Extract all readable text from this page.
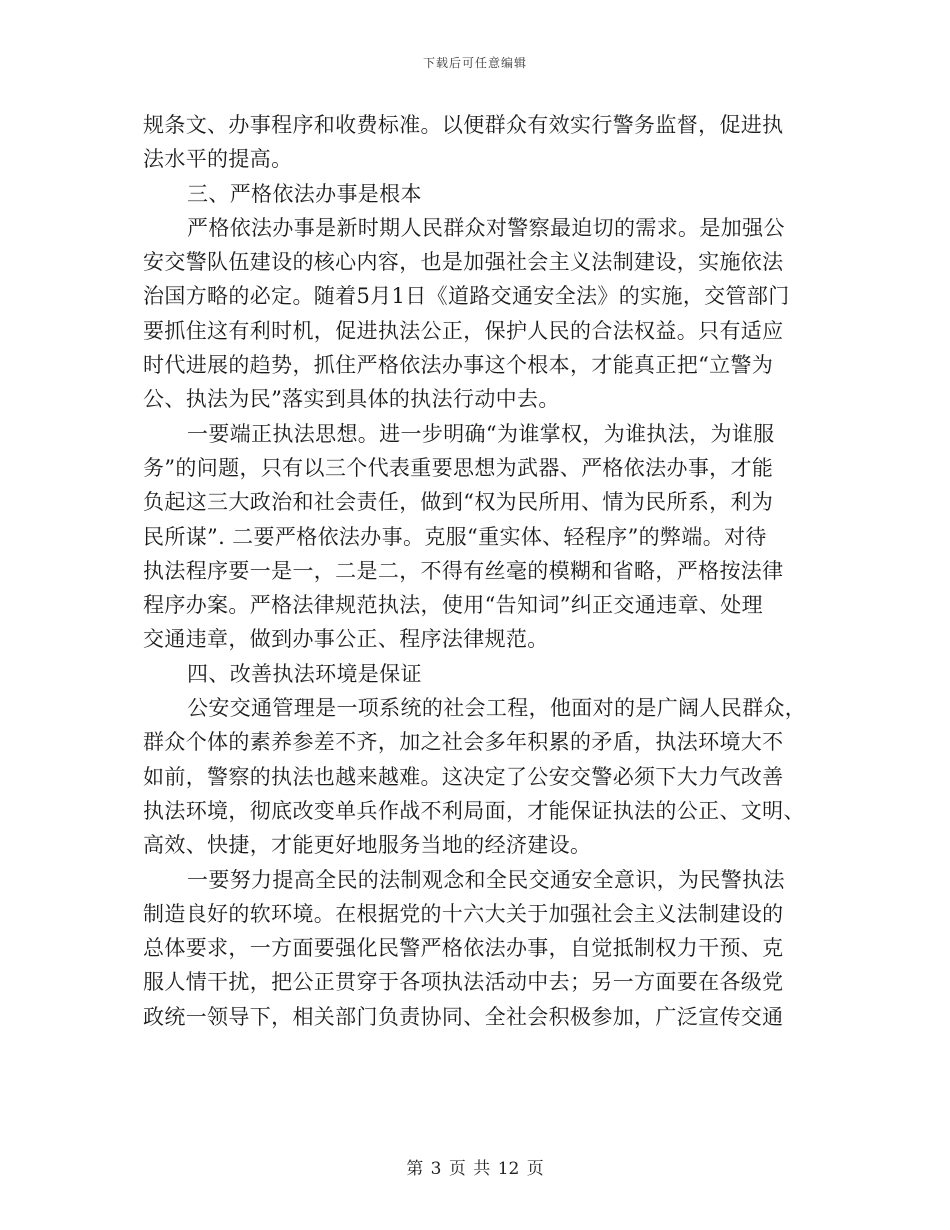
下载后可任意编辑
规条文、办事程序和收费标准。以便群众有效实行警务监督，促进执
法水平的提高。
三、严格依法办事是根本
严格依法办事是新时期人民群众对警察最迫切的需求。是加强公
安交警队伍建设的核心内容，也是加强社会主义法制建设，实施依法
治国方略的必定。随着5月1日《道路交通安全法》的实施，交管部门
要抓住这有利时机，促进执法公正，保护人民的合法权益。只有适应
时代进展的趋势，抓住严格依法办事这个根本，才能真正把“立警为
公、执法为民”落实到具体的执法行动中去。
一要端正执法思想。进一步明确“为谁掌权，为谁执法，为谁服
务”的问题，只有以三个代表重要思想为武器、严格依法办事，才能
负起这三大政治和社会责任，做到“权为民所用、情为民所系，利为
民所谋”. 二要严格依法办事。克服“重实体、轻程序”的弊端。对待
执法程序要一是一，二是二，不得有丝毫的模糊和省略，严格按法律
程序办案。严格法律规范执法，使用“告知词”纠正交通违章、处理
交通违章，做到办事公正、程序法律规范。
四、改善执法环境是保证
公安交通管理是一项系统的社会工程，他面对的是广阔人民群众，
群众个体的素养参差不齐，加之社会多年积累的矛盾，执法环境大不
如前，警察的执法也越来越难。这决定了公安交警必须下大力气改善
执法环境，彻底改变单兵作战不利局面，才能保证执法的公正、文明、
高效、快捷，才能更好地服务当地的经济建设。
一要努力提高全民的法制观念和全民交通安全意识，为民警执法
制造良好的软环境。在根据党的十六大关于加强社会主义法制建设的
总体要求，一方面要强化民警严格依法办事，自觉抵制权力干预、克
服人情干扰，把公正贯穿于各项执法活动中去；另一方面要在各级党
政统一领导下，相关部门负责协同、全社会积极参加，广泛宣传交通
第 3 页 共 12 页
